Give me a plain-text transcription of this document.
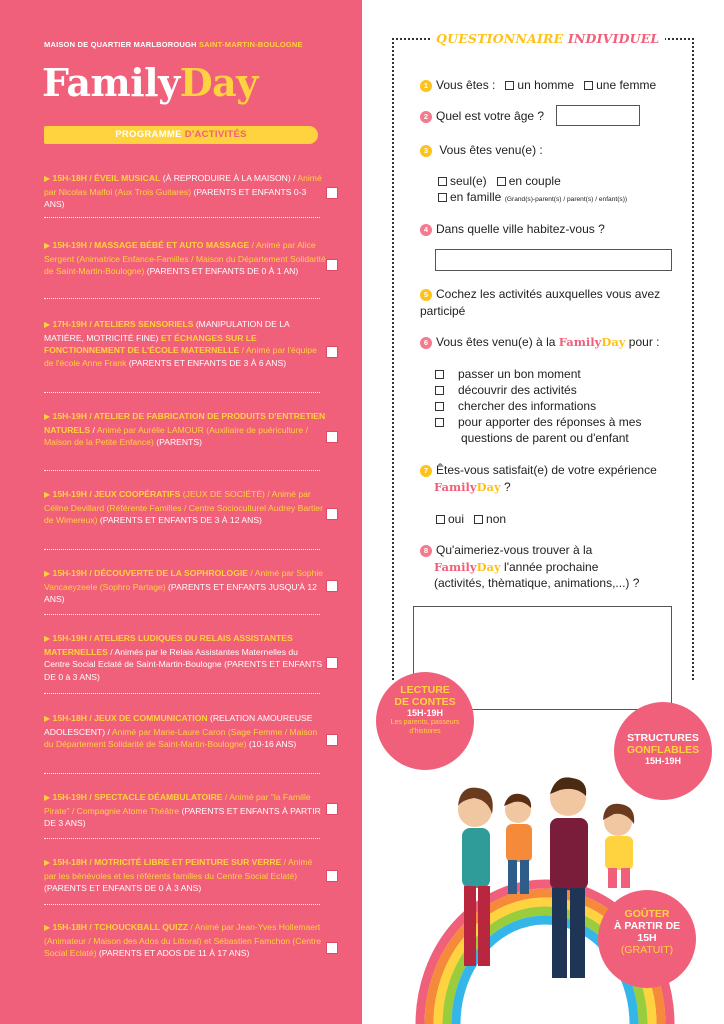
MAISON DE QUARTIER MARLBOROUGH SAINT-MARTIN-BOULOGNE
FamilyDay
PROGRAMME D'ACTIVITÉS
▶ 15H-18H / ÉVEIL MUSICAL (À REPRODUIRE À LA MAISON) / Animé par Nicolas Malfoi (Aux Trois Guitares) (PARENTS ET ENFANTS 0-3 ANS)
▶ 15H-19H / MASSAGE BÉBÉ ET AUTO MASSAGE / Animé par Alice Sergent (Animatrice Enfance-Familles / Maison du Département Solidarité de Saint-Martin-Boulogne) (PARENTS ET ENFANTS DE 0 À 1 AN)
▶ 17H-19H / ATELIERS SENSORIELS (MANIPULATION DE LA MATIÈRE, MOTRICITÉ FINE) ET ÉCHANGES SUR LE FONCTIONNEMENT DE L'ÉCOLE MATERNELLE / Animé par l'équipe de l'école Anne Frank (PARENTS ET ENFANTS DE 3 À 6 ANS)
▶ 15H-19H / ATELIER DE FABRICATION DE PRODUITS D'ENTRETIEN NATURELS / Animé par Aurélie LAMOUR (Auxiliaire de puériculture / Maison de la Petite Enfance) (PARENTS)
▶ 15H-19H / JEUX COOPÉRATIFS (JEUX DE SOCIÉTÉ) / Animé par Céline Devillard (Référente Familles / Centre Socioculturel Audrey Bartier de Wimereux) (PARENTS ET ENFANTS DE 3 À 12 ANS)
▶ 15H-19H / DÉCOUVERTE DE LA SOPHROLOGIE / Animé par Sophie Vancaeyzeele (Sophro Partage) (PARENTS ET ENFANTS JUSQU'À 12 ANS)
▶ 15H-19H / ATELIERS LUDIQUES DU RELAIS ASSISTANTES MATERNELLES / Animés par le Relais Assistantes Maternelles du Centre Social Eclaté de Saint-Martin-Boulogne (PARENTS ET ENFANTS DE 0 à 3 ANS)
▶ 15H-18H / JEUX DE COMMUNICATION (RELATION AMOUREUSE ADOLESCENT) / Animé par Marie-Laure Caron (Sage Femme / Maison du Département Solidarité de Saint-Martin-Boulogne) (10-16 ANS)
▶ 15H-19H / SPECTACLE DÉAMBULATOIRE / Animé par "la Famille Pirate" / Compagnie Atome Théâtre (PARENTS ET ENFANTS À PARTIR DE 3 ANS)
▶ 15H-18H / MOTRICITÉ LIBRE ET PEINTURE SUR VERRE / Animé par les bénévoles et les référents familles du Centre Social Eclaté) (PARENTS ET ENFANTS DE 0 À 3 ANS)
▶ 15H-18H / TCHOUCKBALL QUIZZ / Animé par Jean-Yves Hollemaert (Animateur / Maison des Ados du Littoral) et Sébastien Famchon (Centre Social Eclaté) (PARENTS ET ADOS DE 11 À 17 ANS)
QUESTIONNAIRE INDIVIDUEL
1 Vous êtes : un homme une femme
2 Quel est votre âge ?
3 Vous êtes venu(e) :
seul(e) en couple
en famille (Grand(s)-parent(s) / parent(s) / enfant(s))
4 Dans quelle ville habitez-vous ?
5 Cochez les activités auxquelles vous avez participé
6 Vous êtes venu(e) à la FamilyDay pour :
passer un bon moment
découvrir des activités
chercher des informations
pour apporter des réponses à mes questions de parent ou d'enfant
7 Êtes-vous satisfait(e) de votre expérience
FamilyDay ?
oui non
8 Qu'aimeriez-vous trouver à la
FamilyDay l'année prochaine
(activités, thèmatique, animations,...) ?
LECTURE
DE CONTES
15H-19H
Les parents, passeurs d'histoires
STRUCTURES
GONFLABLES
15H-19H
GOÛTER
À PARTIR DE
15H
(GRATUIT)
